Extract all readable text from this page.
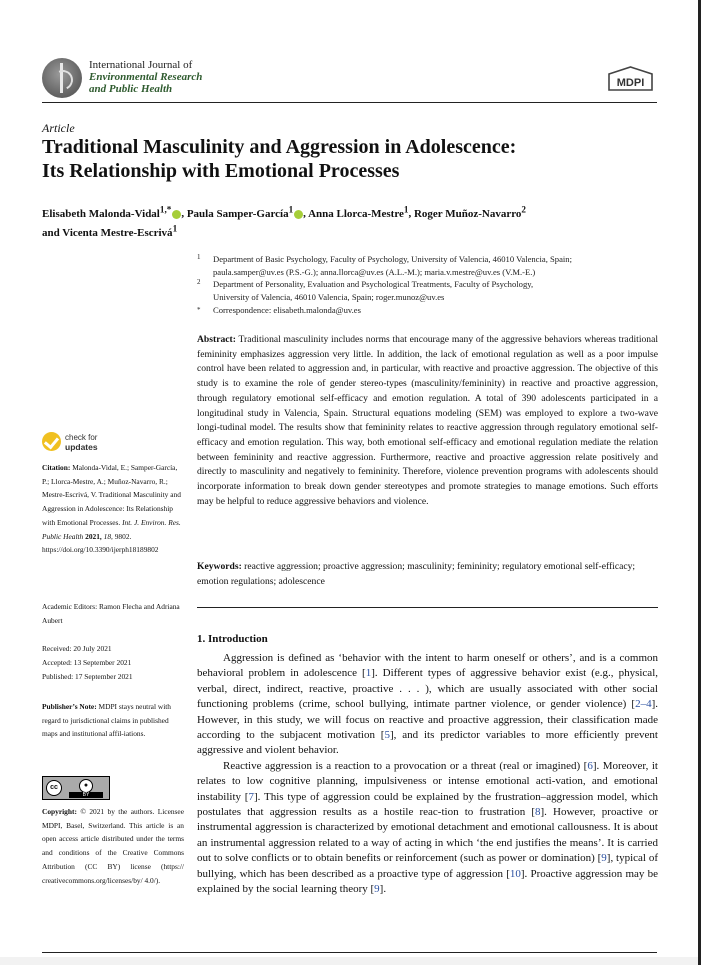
International Journal of
Environmental Research
and Public Health	MDPI
Article
Traditional Masculinity and Aggression in Adolescence:
Its Relationship with Emotional Processes
Elisabeth Malonda-Vidal$^{1,*}$ , Paula Samper-García$^1$ , Anna Llorca-Mestre$^1$, Roger Muñoz-Navarro$^2$
and Vicenta Mestre-Escrivá$^1$
1 Department of Basic Psychology, Faculty of Psychology, University of Valencia, 46010 Valencia, Spain;
paula.samper@uv.es (P.S.-G.); anna.llorca@uv.es (A.L.-M.); maria.v.mestre@uv.es (V.M.-E.)
2 Department of Personality, Evaluation and Psychological Treatments, Faculty of Psychology,
University of Valencia, 46010 Valencia, Spain; roger.munoz@uv.es
* Correspondence: elisabeth.malonda@uv.es
Abstract: Traditional masculinity includes norms that encourage many of the aggressive behaviors whereas traditional femininity emphasizes aggression very little. In addition, the lack of emotional regulation as well as a poor impulse control have been related to aggression and, in particular, with reactive and proactive aggression. The objective of this study is to examine the role of gender stereo-types (masculinity/femininity) in reactive and proactive aggression, through regulatory emotional self-efficacy and emotion regulation. A total of 390 adolescents participated in a longitudinal study in Valencia, Spain. Structural equations modeling (SEM) was employed to explore a two-wave longi-tudinal model. The results show that femininity relates to reactive aggression through regulatory emotional self-efficacy and emotion regulation. This way, both emotional self-efficacy and emotional regulation mediate the relation between femininity and reactive aggression. Furthermore, reactive and proactive aggression relate positively and directly to masculinity and negatively to femininity. Therefore, violence prevention programs with adolescents should incorporate information to break down gender stereotypes and promote strategies to manage emotions. Such efforts may be helpful to reduce aggressive behaviors and violence.
Keywords: reactive aggression; proactive aggression; masculinity; femininity; regulatory emotional self-efficacy; emotion regulations; adolescence
1. Introduction

Aggression is defined as ‘behavior with the intent to harm oneself or others’, and is a common behavioral problem in adolescence [1]. Different types of aggressive behavior exist (e.g., physical, verbal, direct, indirect, reactive, proactive . . . ), which are usually associated with other social functioning problems (crime, school bullying, intimate partner violence, or gender violence) [2–4]. However, in this study, we will focus on reactive and proactive aggression, their classification made according to the subjacent motivation [5], and its predictor variables to more efficiently prevent aggressive and violent behavior.

Reactive aggression is a reaction to a provocation or a threat (real or imagined) [6]. Moreover, it relates to low cognitive planning, impulsiveness or intense emotional acti-vation, and emotional instability [7]. This type of aggression could be explained by the frustration–aggression model, which postulates that aggression results as a hostile reac-tion to frustration [8]. However, proactive or instrumental aggression is characterized by emotional detachment and emotional callousness. It is about an instrumental aggression related to a way of acting in which ‘the end justifies the means’. It is carried out to solve conflicts or to obtain benefits or reinforcement (such as power or domination) [9], typical of bullying, which has been described as a proactive type of aggression [10]. Proactive aggression may be explained by the social learning theory [9].

check for
updates
Citation: Malonda-Vidal, E.; Samper-García, P.; Llorca-Mestre, A.; Muñoz-Navarro, R.; Mestre-Escrivá, V. Traditional Masculinity and Aggression in Adolescence: Its Relationship with Emotional Processes. Int. J. Environ. Res. Public Health 2021, 18, 9802. https://doi.org/10.3390/ijerph18189802
Academic Editors: Ramon Flecha and Adriana Aubert
Received: 20 July 2021
Accepted: 13 September 2021
Published: 17 September 2021
Publisher’s Note: MDPI stays neutral with regard to jurisdictional claims in published maps and institutional affil-iations.
cc	●
BY
Copyright: © 2021 by the authors. Licensee MDPI, Basel, Switzerland. This article is an open access article distributed under the terms and conditions of the Creative Commons Attribution (CC BY) license (https:// creativecommons.org/licenses/by/ 4.0/).
